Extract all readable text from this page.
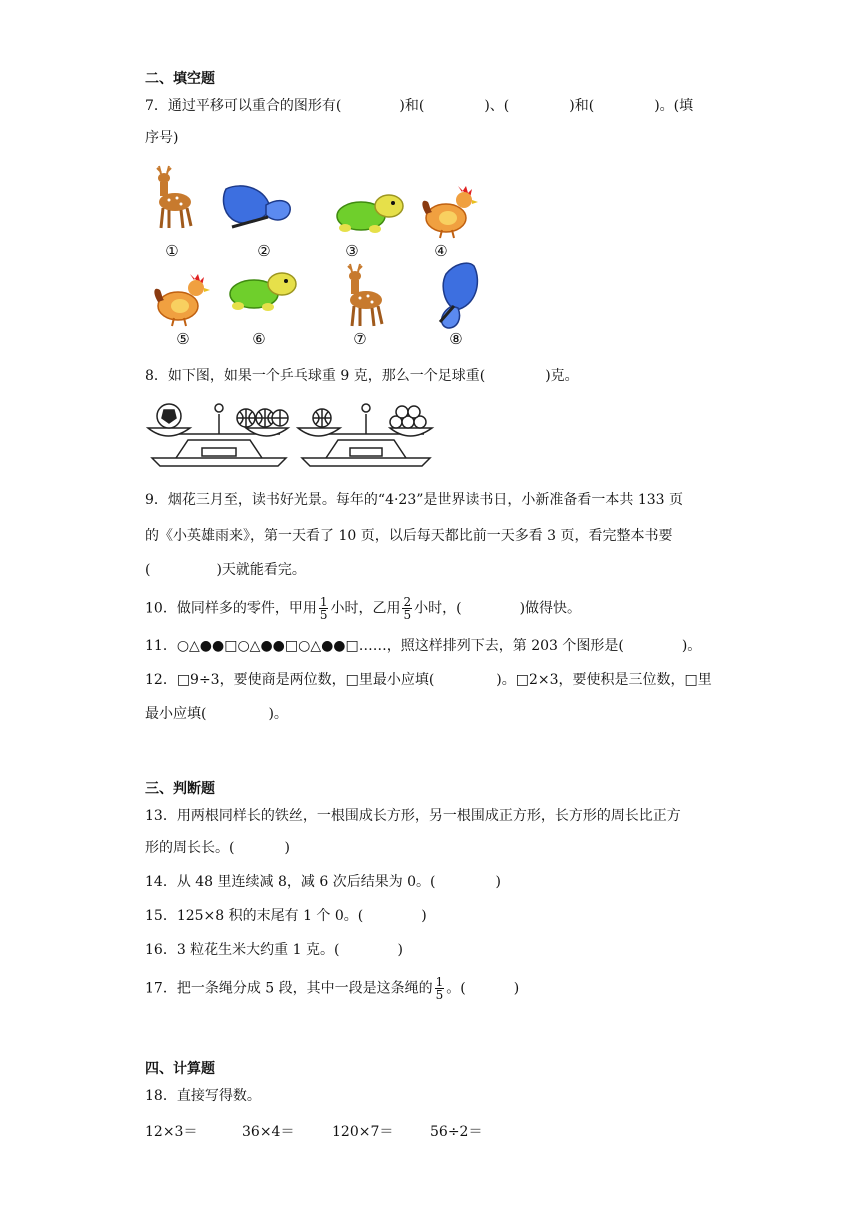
二、填空题
7．通过平移可以重合的图形有(	)和(	)、(	)和(	)。(填
序号)
①	②	③	④
⑤	⑥	⑦	⑧
8．如下图，如果一个乒乓球重 9 克，那么一个足球重(	)克。
9．烟花三月至，读书好光景。每年的“4·23”是世界读书日，小新准备看一本共 133 页
的《小英雄雨来》，第一天看了 10 页，以后每天都比前一天多看 3 页，看完整本书要
(	)天就能看完。
10．做同样多的零件，甲用 $\frac{1}{5}$ 小时，乙用 $\frac{2}{5}$ 小时，(	)做得快。
11．○△●●□○△●●□○△●●□……，照这样排列下去，第 203 个图形是(	)。
12．□9÷3，要使商是两位数，□里最小应填(	)。□2×3，要使积是三位数，□里
最小应填(	)。
三、判断题
13．用两根同样长的铁丝，一根围成长方形，另一根围成正方形，长方形的周长比正方
形的周长长。(	)
14．从 48 里连续减 8，减 6 次后结果为 0。(	)
15．125×8 积的末尾有 1 个 0。(	)
16．3 粒花生米大约重 1 克。(	)
17．把一条绳分成 5 段，其中一段是这条绳的 $\frac{1}{5}$ 。(	)
四、计算题
18．直接写得数。
12×3＝	36×4＝	120×7＝	56÷2＝
